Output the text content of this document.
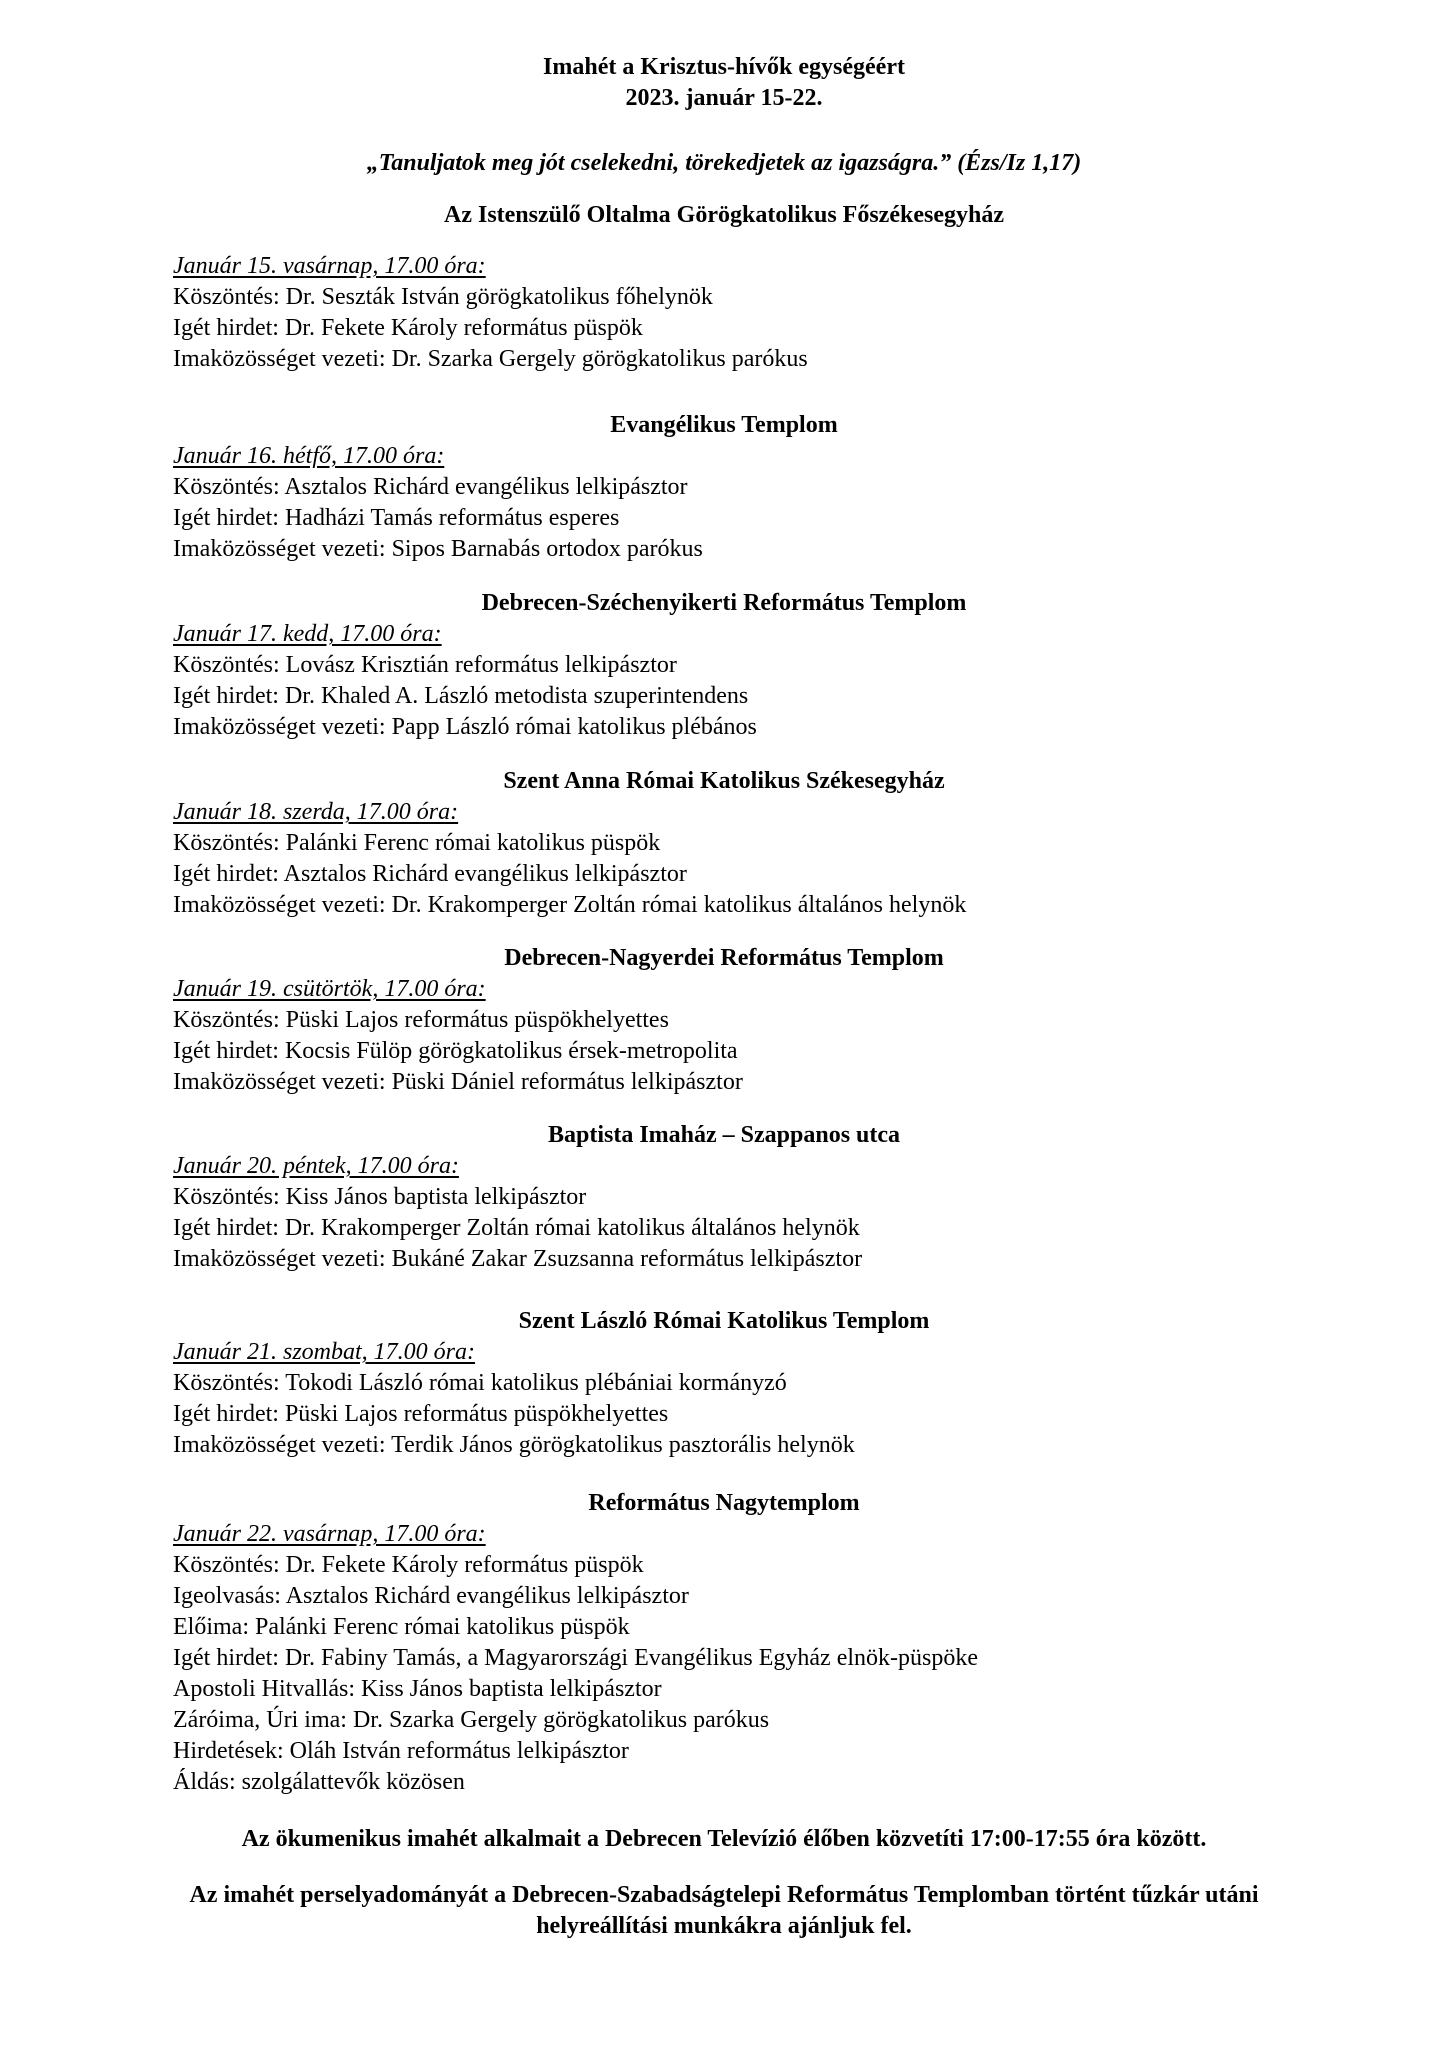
Imahét a Krisztus-hívők egységéért
2023. január 15-22.
„Tanuljatok meg jót cselekedni, törekedjetek az igazságra.” (Ézs/Iz 1,17)
Az Istenszülő Oltalma Görögkatolikus Főszékesegyház
Január 15. vasárnap, 17.00 óra:
Köszöntés: Dr. Seszták István görögkatolikus főhelynök
Igét hirdet: Dr. Fekete Károly református püspök
Imaközösséget vezeti: Dr. Szarka Gergely görögkatolikus parókus
Evangélikus Templom
Január 16. hétfő, 17.00 óra:
Köszöntés: Asztalos Richárd evangélikus lelkipásztor
Igét hirdet: Hadházi Tamás református esperes
Imaközösséget vezeti: Sipos Barnabás ortodox parókus
Debrecen-Széchenyikerti Református Templom
Január 17. kedd, 17.00 óra:
Köszöntés: Lovász Krisztián református lelkipásztor
Igét hirdet: Dr. Khaled A. László metodista szuperintendens
Imaközösséget vezeti: Papp László római katolikus plébános
Szent Anna Római Katolikus Székesegyház
Január 18. szerda, 17.00 óra:
Köszöntés: Palánki Ferenc római katolikus püspök
Igét hirdet: Asztalos Richárd evangélikus lelkipásztor
Imaközösséget vezeti: Dr. Krakomperger Zoltán római katolikus általános helynök
Debrecen-Nagyerdei Református Templom
Január 19. csütörtök, 17.00 óra:
Köszöntés: Püski Lajos református püspökhelyettes
Igét hirdet: Kocsis Fülöp görögkatolikus érsek-metropolita
Imaközösséget vezeti: Püski Dániel református lelkipásztor
Baptista Imaház – Szappanos utca
Január 20. péntek, 17.00 óra:
Köszöntés: Kiss János baptista lelkipásztor
Igét hirdet: Dr. Krakomperger Zoltán római katolikus általános helynök
Imaközösséget vezeti: Bukáné Zakar Zsuzsanna református lelkipásztor
Szent László Római Katolikus Templom
Január 21. szombat, 17.00 óra:
Köszöntés: Tokodi László római katolikus plébániai kormányzó
Igét hirdet: Püski Lajos református püspökhelyettes
Imaközösséget vezeti: Terdik János görögkatolikus pasztorális helynök
Református Nagytemplom
Január 22. vasárnap, 17.00 óra:
Köszöntés: Dr. Fekete Károly református püspök
Igeolvasás: Asztalos Richárd evangélikus lelkipásztor
Előima: Palánki Ferenc római katolikus püspök
Igét hirdet: Dr. Fabiny Tamás, a Magyarországi Evangélikus Egyház elnök-püspöke
Apostoli Hitvallás: Kiss János baptista lelkipásztor
Záróima, Úri ima: Dr. Szarka Gergely görögkatolikus parókus
Hirdetések: Oláh István református lelkipásztor
Áldás: szolgálattevők közösen
Az ökumenikus imahét alkalmait a Debrecen Televízió élőben közvetíti 17:00-17:55 óra között.
Az imahét perselyadományát a Debrecen-Szabadságtelepi Református Templomban történt tűzkár utáni helyreállítási munkákra ajánljuk fel.
